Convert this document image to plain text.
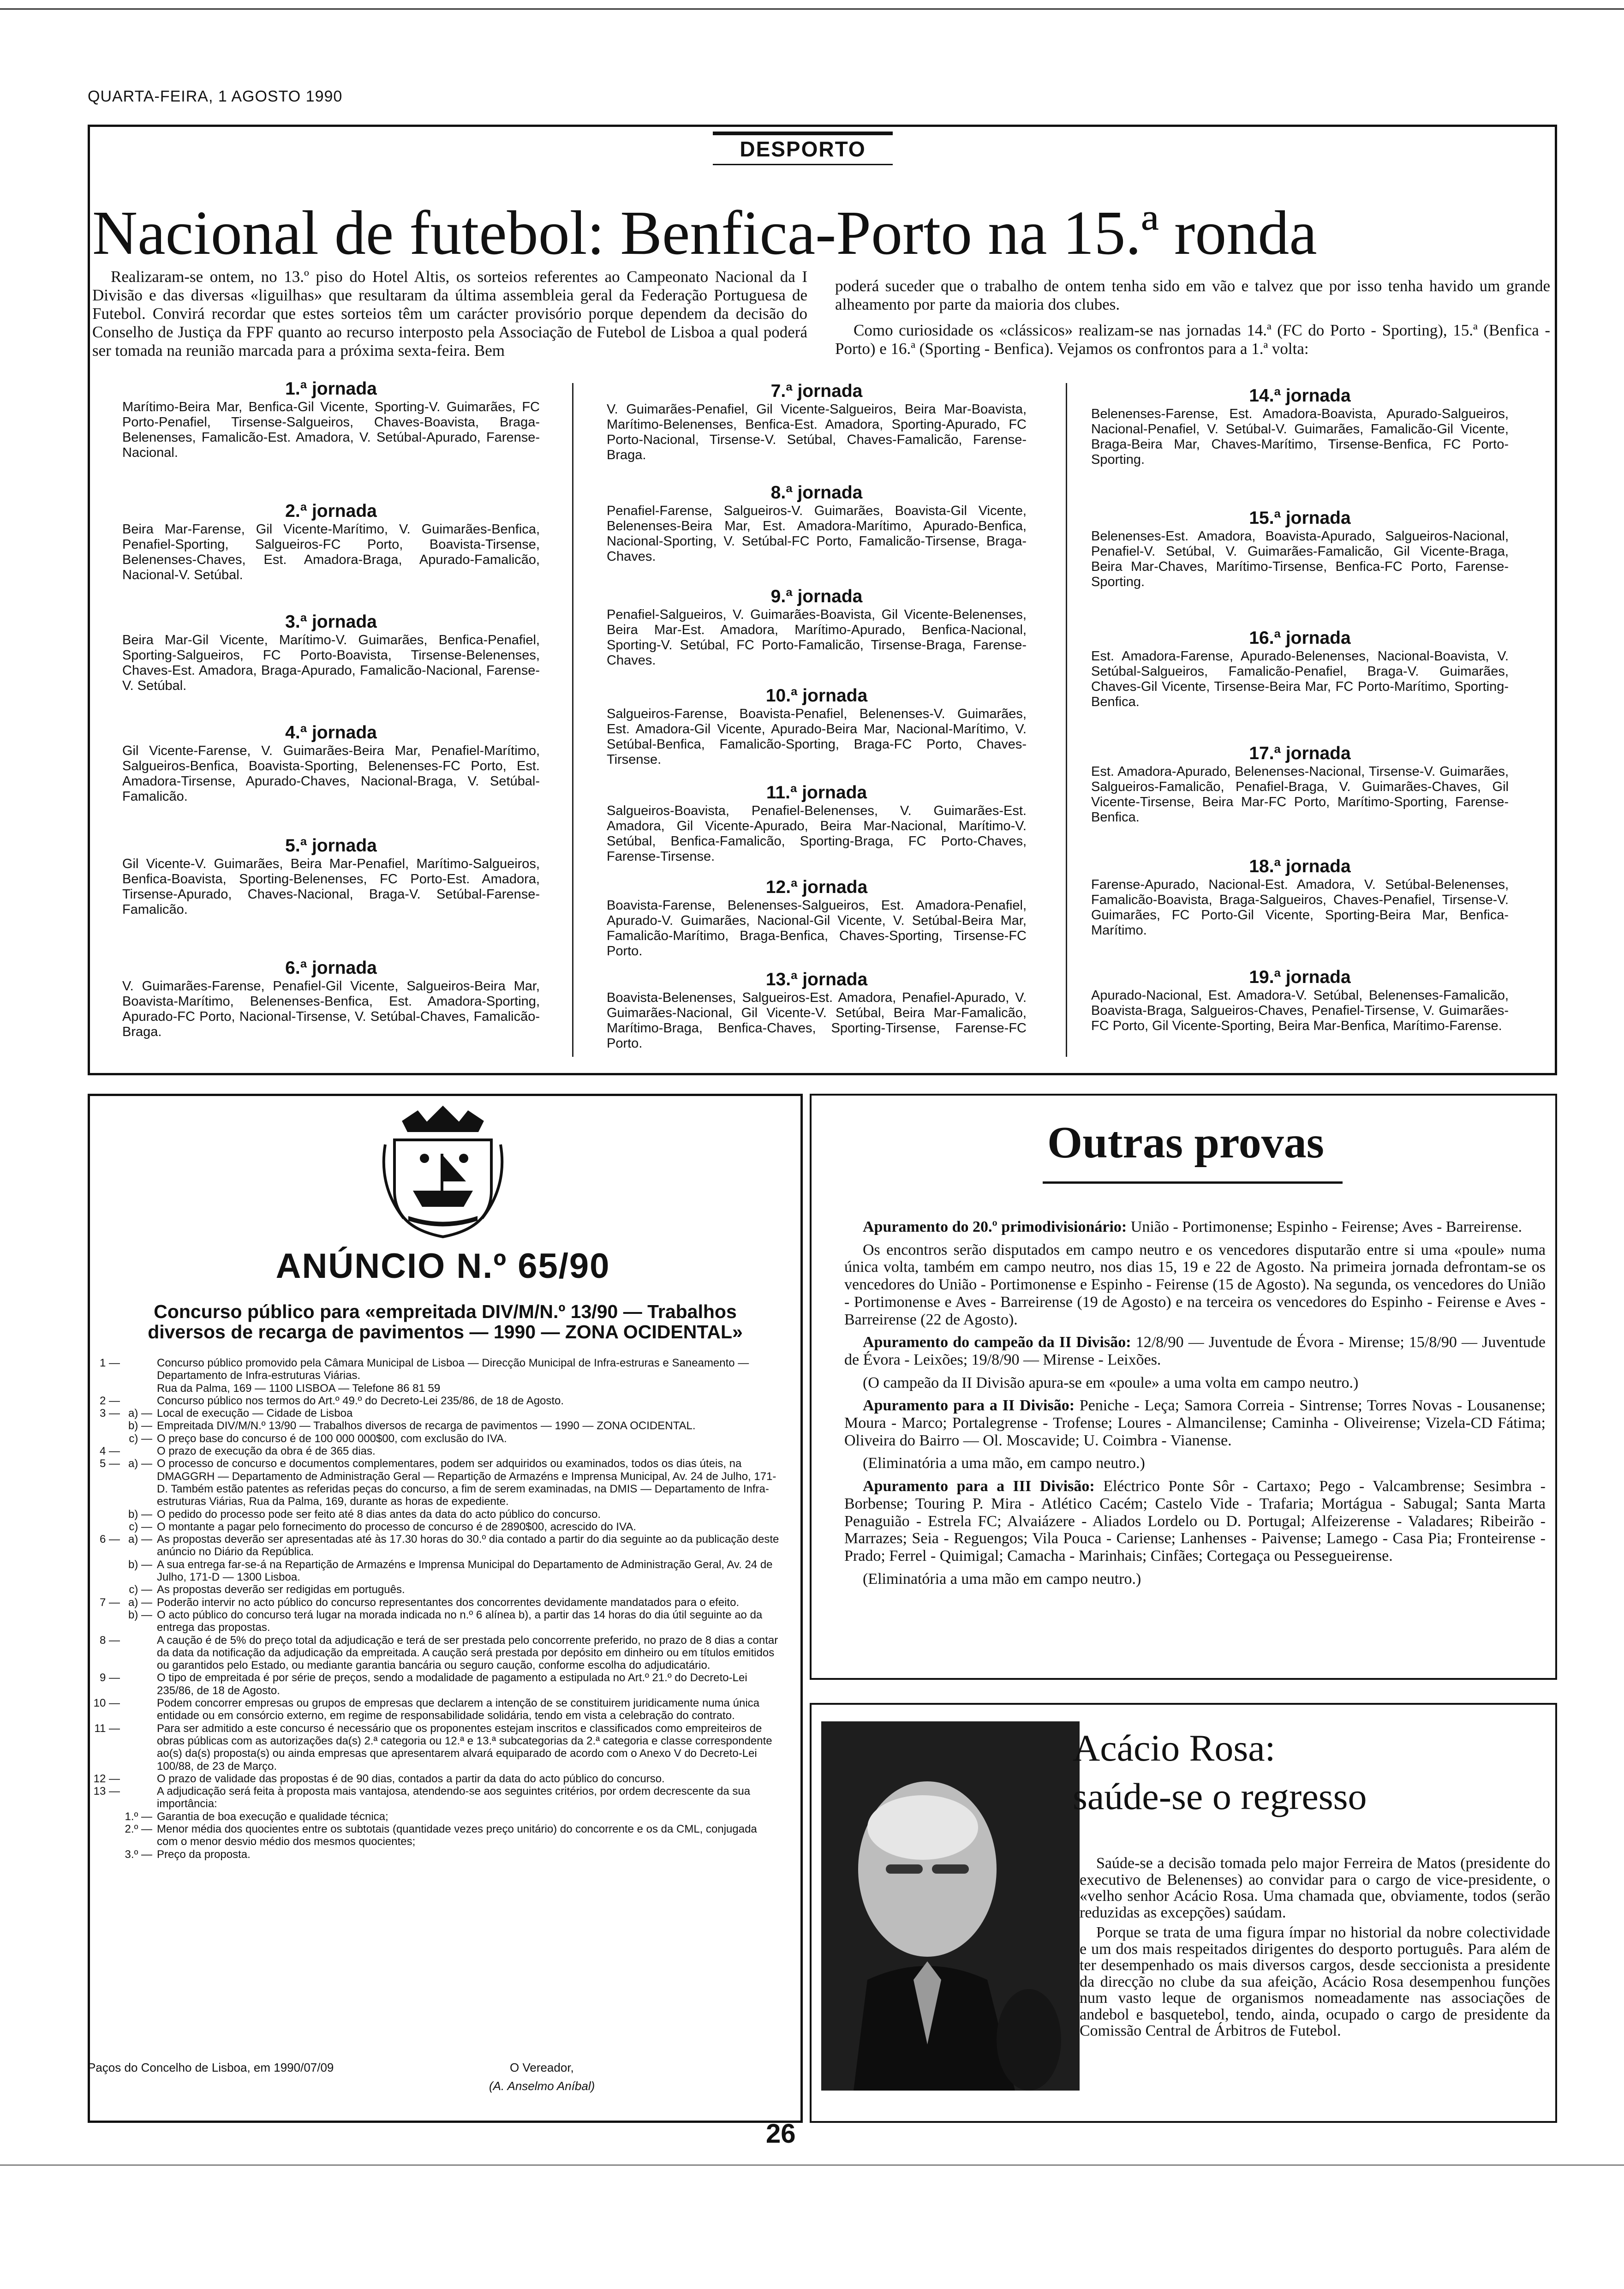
QUARTA-FEIRA, 1 AGOSTO 1990
DESPORTO
Nacional de futebol: Benfica-Porto na 15.ª ronda

Realizaram-se ontem, no 13.º piso do Hotel Altis, os sorteios referentes ao Campeonato Nacional da I Divisão e das diversas «liguilhas» que resultaram da última assembleia geral da Federação Portuguesa de Futebol. Convirá recordar que estes sorteios têm um carácter provisório porque dependem da decisão do Conselho de Justiça da FPF quanto ao recurso interposto pela Associação de Futebol de Lisboa a qual poderá ser tomada na reunião marcada para a próxima sexta-feira. Bem

poderá suceder que o trabalho de ontem tenha sido em vão e talvez que por isso tenha havido um grande alheamento por parte da maioria dos clubes.

Como curiosidade os «clássicos» realizam-se nas jornadas 14.ª (FC do Porto - Sporting), 15.ª (Benfica - Porto) e 16.ª (Sporting - Benfica). Vejamos os confrontos para a 1.ª volta:

1.ª jornada

Marítimo-Beira Mar, Benfica-Gil Vicente, Sporting-V. Guimarães, FC Porto-Penafiel, Tirsense-Salgueiros, Chaves-Boavista, Braga-Belenenses, Famalicão-Est. Amadora, V. Setúbal-Apurado, Farense-Nacional.

2.ª jornada

Beira Mar-Farense, Gil Vicente-Marítimo, V. Guimarães-Benfica, Penafiel-Sporting, Salgueiros-FC Porto, Boavista-Tirsense, Belenenses-Chaves, Est. Amadora-Braga, Apurado-Famalicão, Nacional-V. Setúbal.

3.ª jornada

Beira Mar-Gil Vicente, Marítimo-V. Guimarães, Benfica-Penafiel, Sporting-Salgueiros, FC Porto-Boavista, Tirsense-Belenenses, Chaves-Est. Amadora, Braga-Apurado, Famalicão-Nacional, Farense-V. Setúbal.

4.ª jornada

Gil Vicente-Farense, V. Guimarães-Beira Mar, Penafiel-Marítimo, Salgueiros-Benfica, Boavista-Sporting, Belenenses-FC Porto, Est. Amadora-Tirsense, Apurado-Chaves, Nacional-Braga, V. Setúbal-Famalicão.

5.ª jornada

Gil Vicente-V. Guimarães, Beira Mar-Penafiel, Marítimo-Salgueiros, Benfica-Boavista, Sporting-Belenenses, FC Porto-Est. Amadora, Tirsense-Apurado, Chaves-Nacional, Braga-V. Setúbal-Farense-Famalicão.

6.ª jornada

V. Guimarães-Farense, Penafiel-Gil Vicente, Salgueiros-Beira Mar, Boavista-Marítimo, Belenenses-Benfica, Est. Amadora-Sporting, Apurado-FC Porto, Nacional-Tirsense, V. Setúbal-Chaves, Famalicão-Braga.

7.ª jornada

V. Guimarães-Penafiel, Gil Vicente-Salgueiros, Beira Mar-Boavista, Marítimo-Belenenses, Benfica-Est. Amadora, Sporting-Apurado, FC Porto-Nacional, Tirsense-V. Setúbal, Chaves-Famalicão, Farense-Braga.

8.ª jornada

Penafiel-Farense, Salgueiros-V. Guimarães, Boavista-Gil Vicente, Belenenses-Beira Mar, Est. Amadora-Marítimo, Apurado-Benfica, Nacional-Sporting, V. Setúbal-FC Porto, Famalicão-Tirsense, Braga-Chaves.

9.ª jornada

Penafiel-Salgueiros, V. Guimarães-Boavista, Gil Vicente-Belenenses, Beira Mar-Est. Amadora, Marítimo-Apurado, Benfica-Nacional, Sporting-V. Setúbal, FC Porto-Famalicão, Tirsense-Braga, Farense-Chaves.

10.ª jornada

Salgueiros-Farense, Boavista-Penafiel, Belenenses-V. Guimarães, Est. Amadora-Gil Vicente, Apurado-Beira Mar, Nacional-Marítimo, V. Setúbal-Benfica, Famalicão-Sporting, Braga-FC Porto, Chaves-Tirsense.

11.ª jornada

Salgueiros-Boavista, Penafiel-Belenenses, V. Guimarães-Est. Amadora, Gil Vicente-Apurado, Beira Mar-Nacional, Marítimo-V. Setúbal, Benfica-Famalicão, Sporting-Braga, FC Porto-Chaves, Farense-Tirsense.

12.ª jornada

Boavista-Farense, Belenenses-Salgueiros, Est. Amadora-Penafiel, Apurado-V. Guimarães, Nacional-Gil Vicente, V. Setúbal-Beira Mar, Famalicão-Marítimo, Braga-Benfica, Chaves-Sporting, Tirsense-FC Porto.

13.ª jornada

Boavista-Belenenses, Salgueiros-Est. Amadora, Penafiel-Apurado, V. Guimarães-Nacional, Gil Vicente-V. Setúbal, Beira Mar-Famalicão, Marítimo-Braga, Benfica-Chaves, Sporting-Tirsense, Farense-FC Porto.

14.ª jornada

Belenenses-Farense, Est. Amadora-Boavista, Apurado-Salgueiros, Nacional-Penafiel, V. Setúbal-V. Guimarães, Famalicão-Gil Vicente, Braga-Beira Mar, Chaves-Marítimo, Tirsense-Benfica, FC Porto-Sporting.

15.ª jornada

Belenenses-Est. Amadora, Boavista-Apurado, Salgueiros-Nacional, Penafiel-V. Setúbal, V. Guimarães-Famalicão, Gil Vicente-Braga, Beira Mar-Chaves, Marítimo-Tirsense, Benfica-FC Porto, Farense-Sporting.

16.ª jornada

Est. Amadora-Farense, Apurado-Belenenses, Nacional-Boavista, V. Setúbal-Salgueiros, Famalicão-Penafiel, Braga-V. Guimarães, Chaves-Gil Vicente, Tirsense-Beira Mar, FC Porto-Marítimo, Sporting-Benfica.

17.ª jornada

Est. Amadora-Apurado, Belenenses-Nacional, Tirsense-V. Guimarães, Salgueiros-Famalicão, Penafiel-Braga, V. Guimarães-Chaves, Gil Vicente-Tirsense, Beira Mar-FC Porto, Marítimo-Sporting, Farense-Benfica.

18.ª jornada

Farense-Apurado, Nacional-Est. Amadora, V. Setúbal-Belenenses, Famalicão-Boavista, Braga-Salgueiros, Chaves-Penafiel, Tirsense-V. Guimarães, FC Porto-Gil Vicente, Sporting-Beira Mar, Benfica-Marítimo.

19.ª jornada

Apurado-Nacional, Est. Amadora-V. Setúbal, Belenenses-Famalicão, Boavista-Braga, Salgueiros-Chaves, Penafiel-Tirsense, V. Guimarães-FC Porto, Gil Vicente-Sporting, Beira Mar-Benfica, Marítimo-Farense.

ANÚNCIO N.º 65/90
Concurso público para «empreitada DIV/M/N.º 13/90 — Trabalhos diversos de recarga de pavimentos — 1990 — ZONA OCIDENTAL»
1 —	Concurso público promovido pela Câmara Municipal de Lisboa — Direcção Municipal de Infra-estruras e Saneamento — Departamento de Infra-estruturas Viárias.
Rua da Palma, 169 — 1100 LISBOA — Telefone 86 81 59
2 —	Concurso público nos termos do Art.º 49.º do Decreto-Lei 235/86, de 18 de Agosto.
3 — a) — Local de execução — Cidade de Lisboa
b) — Empreitada DIV/M/N.º 13/90 — Trabalhos diversos de recarga de pavimentos — 1990 — ZONA OCIDENTAL.
c) — O preço base do concurso é de 100 000 000$00, com exclusão do IVA.
4 —	O prazo de execução da obra é de 365 dias.
5 — a) — O processo de concurso e documentos complementares, podem ser adquiridos ou examinados, todos os dias úteis, na DMAGGRH — Departamento de Administração Geral — Repartição de Armazéns e Imprensa Municipal, Av. 24 de Julho, 171-D. Também estão patentes as referidas peças do concurso, a fim de serem examinadas, na DMIS — Departamento de Infra-estruturas Viárias, Rua da Palma, 169, durante as horas de expediente.
b) — O pedido do processo pode ser feito até 8 dias antes da data do acto público do concurso.
c) — O montante a pagar pelo fornecimento do processo de concurso é de 2890$00, acrescido do IVA.
6 — a) — As propostas deverão ser apresentadas até às 17.30 horas do 30.º dia contado a partir do dia seguinte ao da publicação deste anúncio no Diário da República.
b) — A sua entrega far-se-á na Repartição de Armazéns e Imprensa Municipal do Departamento de Administração Geral, Av. 24 de Julho, 171-D — 1300 Lisboa.
c) — As propostas deverão ser redigidas em português.
7 — a) — Poderão intervir no acto público do concurso representantes dos concorrentes devidamente mandatados para o efeito.
b) — O acto público do concurso terá lugar na morada indicada no n.º 6 alínea b), a partir das 14 horas do dia útil seguinte ao da entrega das propostas.
8 —	A caução é de 5% do preço total da adjudicação e terá de ser prestada pelo concorrente preferido, no prazo de 8 dias a contar da data da notificação da adjudicação da empreitada. A caução será prestada por depósito em dinheiro ou em títulos emitidos ou garantidos pelo Estado, ou mediante garantia bancária ou seguro caução, conforme escolha do adjudicatário.
9 —	O tipo de empreitada é por série de preços, sendo a modalidade de pagamento a estipulada no Art.º 21.º do Decreto-Lei 235/86, de 18 de Agosto.
10 —	Podem concorrer empresas ou grupos de empresas que declarem a intenção de se constituirem juridicamente numa única entidade ou em consórcio externo, em regime de responsabilidade solidária, tendo em vista a celebração do contrato.
11 —	Para ser admitido a este concurso é necessário que os proponentes estejam inscritos e classificados como empreiteiros de obras públicas com as autorizações da(s) 2.ª categoria ou 12.ª e 13.ª subcategorias da 2.ª categoria e classe correspondente ao(s) da(s) proposta(s) ou ainda empresas que apresentarem alvará equiparado de acordo com o Anexo V do Decreto-Lei 100/88, de 23 de Março.
12 —	O prazo de validade das propostas é de 90 dias, contados a partir da data do acto público do concurso.
13 —	A adjudicação será feita à proposta mais vantajosa, atendendo-se aos seguintes critérios, por ordem decrescente da sua importância:
1.º — Garantia de boa execução e qualidade técnica;
2.º — Menor média dos quocientes entre os subtotais (quantidade vezes preço unitário) do concorrente e os da CML, conjugada com o menor desvio médio dos mesmos quocientes;
3.º — Preço da proposta.
Paços do Concelho de Lisboa, em 1990/07/09	O Vereador,
(A. Anselmo Aníbal)
Outras provas

Apuramento do 20.º primodivisionário: União - Portimonense; Espinho - Feirense; Aves - Barreirense.

Os encontros serão disputados em campo neutro e os vencedores disputarão entre si uma «poule» numa única volta, também em campo neutro, nos dias 15, 19 e 22 de Agosto. Na primeira jornada defrontam-se os vencedores do União - Portimonense e Espinho - Feirense (15 de Agosto). Na segunda, os vencedores do União - Portimonense e Aves - Barreirense (19 de Agosto) e na terceira os vencedores do Espinho - Feirense e Aves - Barreirense (22 de Agosto).

Apuramento do campeão da II Divisão: 12/8/90 — Juventude de Évora - Mirense; 15/8/90 — Juventude de Évora - Leixões; 19/8/90 — Mirense - Leixões.

(O campeão da II Divisão apura-se em «poule» a uma volta em campo neutro.)

Apuramento para a II Divisão: Peniche - Leça; Samora Correia - Sintrense; Torres Novas - Lousanense; Moura - Marco; Portalegrense - Trofense; Loures - Almancilense; Caminha - Oliveirense; Vizela-CD Fátima; Oliveira do Bairro — Ol. Moscavide; U. Coimbra - Vianense.

(Eliminatória a uma mão, em campo neutro.)

Apuramento para a III Divisão: Eléctrico Ponte Sôr - Cartaxo; Pego - Valcambrense; Sesimbra - Borbense; Touring P. Mira - Atlético Cacém; Castelo Vide - Trafaria; Mortágua - Sabugal; Santa Marta Penaguião - Estrela FC; Alvaiázere - Aliados Lordelo ou D. Portugal; Alfeizerense - Valadares; Ribeirão - Marrazes; Seia - Reguengos; Vila Pouca - Cariense; Lanhenses - Paivense; Lamego - Casa Pia; Fronteirense - Prado; Ferrel - Quimigal; Camacha - Marinhais; Cinfães; Cortegaça ou Pessegueirense.

(Eliminatória a uma mão em campo neutro.)

Acácio Rosa:
saúde-se o regresso

Saúde-se a decisão tomada pelo major Ferreira de Matos (presidente do executivo de Belenenses) ao convidar para o cargo de vice-presidente, o «velho senhor Acácio Rosa. Uma chamada que, obviamente, todos (serão reduzidas as excepções) saúdam.

Porque se trata de uma figura ímpar no historial da nobre colectividade e um dos mais respeitados dirigentes do desporto português. Para além de ter desempenhado os mais diversos cargos, desde seccionista a presidente da direcção no clube da sua afeição, Acácio Rosa desempenhou funções num vasto leque de organismos nomeadamente nas associações de andebol e basquetebol, tendo, ainda, ocupado o cargo de presidente da Comissão Central de Árbitros de Futebol.

26
